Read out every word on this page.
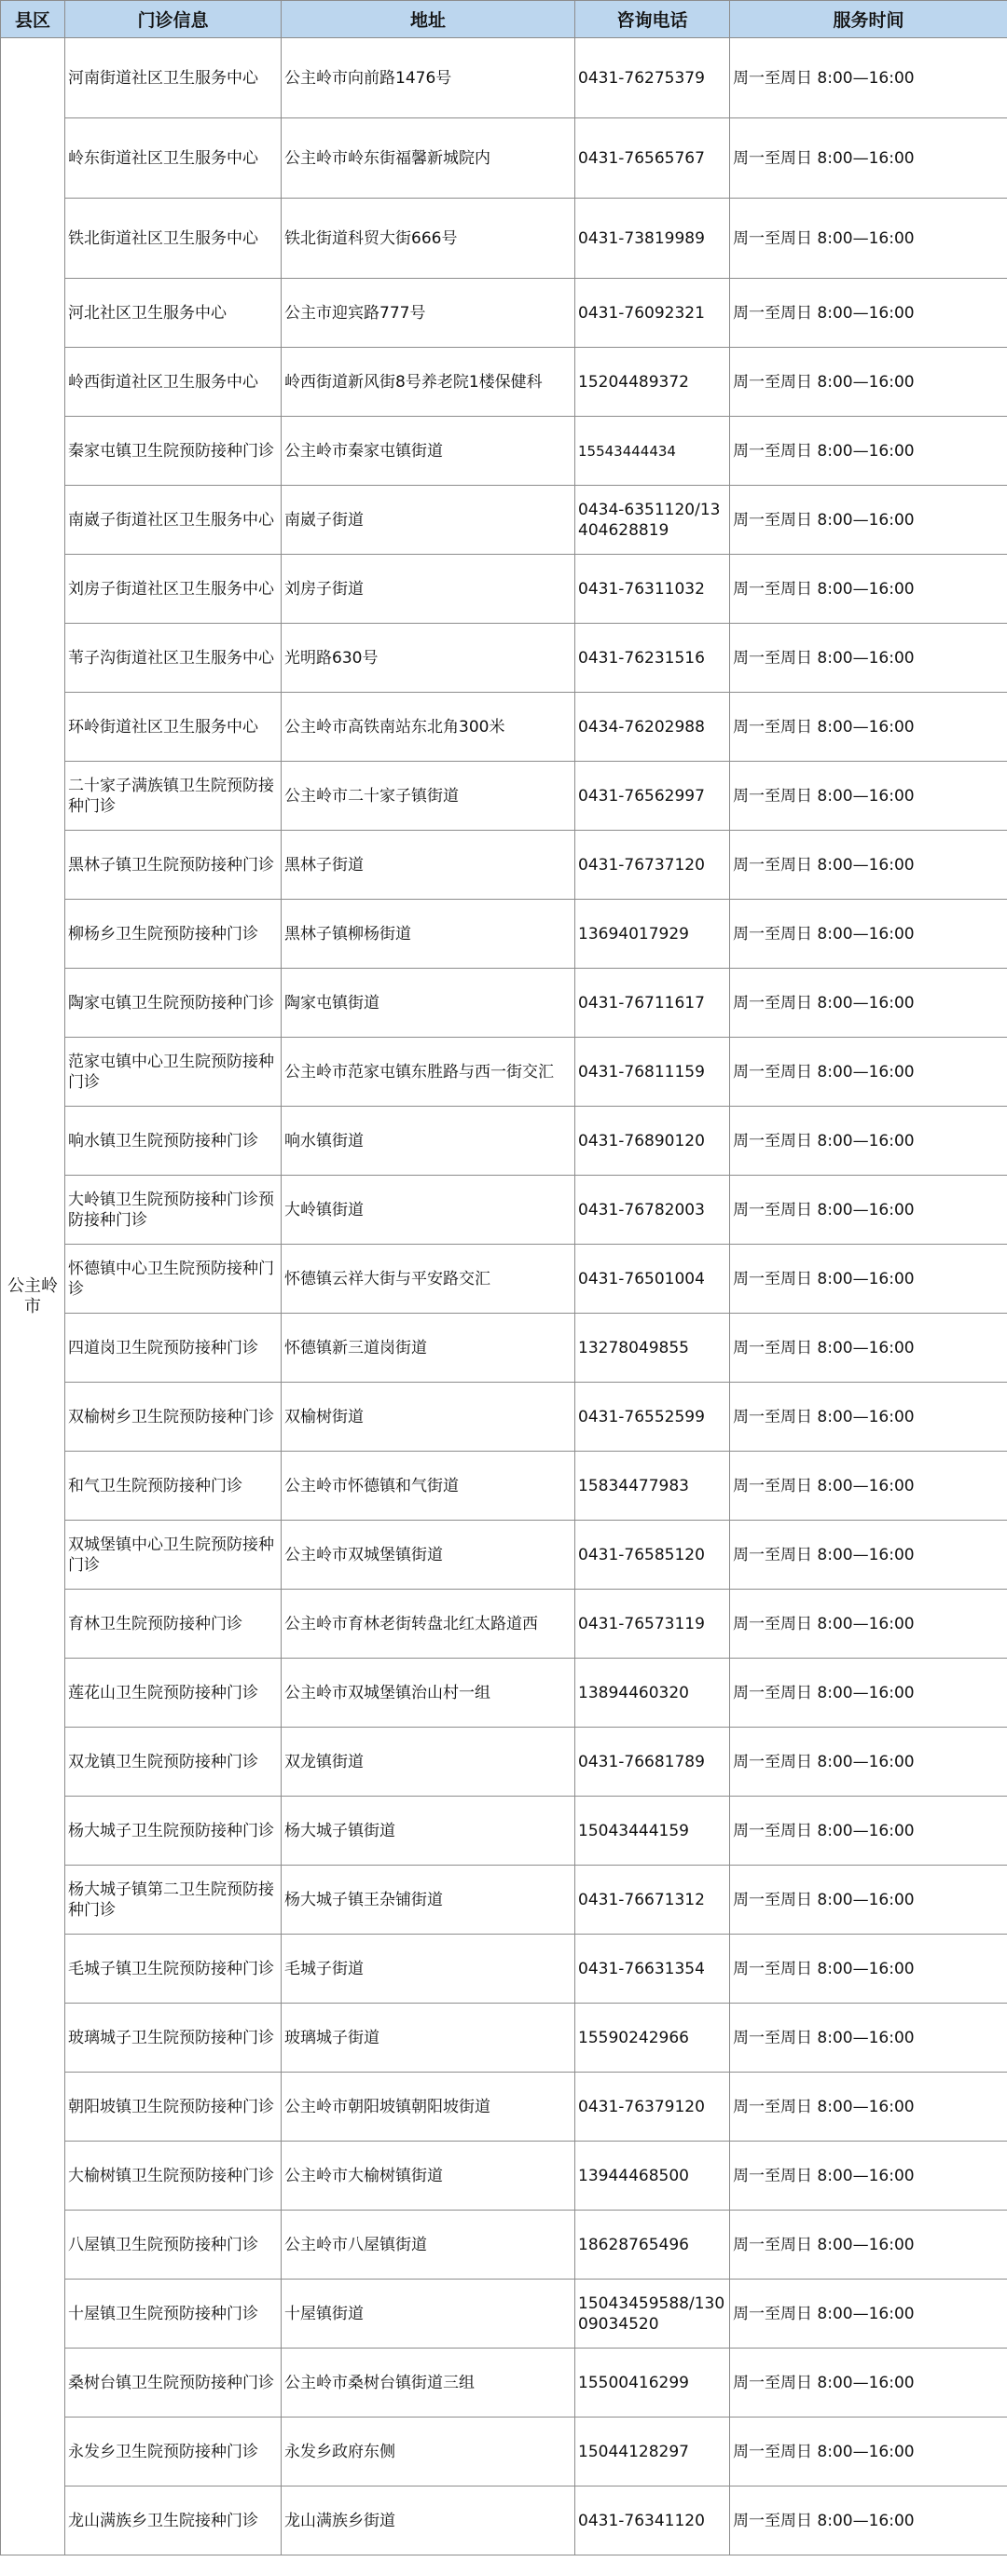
县区	门诊信息	地址	咨询电话	服务时间
公主岭市	河南街道社区卫生服务中心	公主岭市向前路1476号	0431-76275379	周一至周日 8:00—16:00
	岭东街道社区卫生服务中心	公主岭市岭东街福馨新城院内	0431-76565767	周一至周日 8:00—16:00
	铁北街道社区卫生服务中心	铁北街道科贸大街666号	0431-73819989	周一至周日 8:00—16:00
	河北社区卫生服务中心	公主市迎宾路777号	0431-76092321	周一至周日 8:00—16:00
	岭西街道社区卫生服务中心	岭西街道新风街8号养老院1楼保健科	15204489372	周一至周日 8:00—16:00
	秦家屯镇卫生院预防接种门诊	公主岭市秦家屯镇街道	15543444434	周一至周日 8:00—16:00
	南崴子街道社区卫生服务中心	南崴子街道	0434-6351120/13404628819	周一至周日 8:00—16:00
	刘房子街道社区卫生服务中心	刘房子街道	0431-76311032	周一至周日 8:00—16:00
	苇子沟街道社区卫生服务中心	光明路630号	0431-76231516	周一至周日 8:00—16:00
	环岭街道社区卫生服务中心	公主岭市高铁南站东北角300米	0434-76202988	周一至周日 8:00—16:00
	二十家子满族镇卫生院预防接种门诊	公主岭市二十家子镇街道	0431-76562997	周一至周日 8:00—16:00
	黑林子镇卫生院预防接种门诊	黑林子街道	0431-76737120	周一至周日 8:00—16:00
	柳杨乡卫生院预防接种门诊	黑林子镇柳杨街道	13694017929	周一至周日 8:00—16:00
	陶家屯镇卫生院预防接种门诊	陶家屯镇街道	0431-76711617	周一至周日 8:00—16:00
	范家屯镇中心卫生院预防接种门诊	公主岭市范家屯镇东胜路与西一街交汇	0431-76811159	周一至周日 8:00—16:00
	响水镇卫生院预防接种门诊	响水镇街道	0431-76890120	周一至周日 8:00—16:00
	大岭镇卫生院预防接种门诊预防接种门诊	大岭镇街道	0431-76782003	周一至周日 8:00—16:00
	怀德镇中心卫生院预防接种门诊	怀德镇云祥大街与平安路交汇	0431-76501004	周一至周日 8:00—16:00
	四道岗卫生院预防接种门诊	怀德镇新三道岗街道	13278049855	周一至周日 8:00—16:00
	双榆树乡卫生院预防接种门诊	双榆树街道	0431-76552599	周一至周日 8:00—16:00
	和气卫生院预防接种门诊	公主岭市怀德镇和气街道	15834477983	周一至周日 8:00—16:00
	双城堡镇中心卫生院预防接种门诊	公主岭市双城堡镇街道	0431-76585120	周一至周日 8:00—16:00
	育林卫生院预防接种门诊	公主岭市育林老街转盘北红太路道西	0431-76573119	周一至周日 8:00—16:00
	莲花山卫生院预防接种门诊	公主岭市双城堡镇治山村一组	13894460320	周一至周日 8:00—16:00
	双龙镇卫生院预防接种门诊	双龙镇街道	0431-76681789	周一至周日 8:00—16:00
	杨大城子卫生院预防接种门诊	杨大城子镇街道	15043444159	周一至周日 8:00—16:00
	杨大城子镇第二卫生院预防接种门诊	杨大城子镇王杂铺街道	0431-76671312	周一至周日 8:00—16:00
	毛城子镇卫生院预防接种门诊	毛城子街道	0431-76631354	周一至周日 8:00—16:00
	玻璃城子卫生院预防接种门诊	玻璃城子街道	15590242966	周一至周日 8:00—16:00
	朝阳坡镇卫生院预防接种门诊	公主岭市朝阳坡镇朝阳坡街道	0431-76379120	周一至周日 8:00—16:00
	大榆树镇卫生院预防接种门诊	公主岭市大榆树镇街道	13944468500	周一至周日 8:00—16:00
	八屋镇卫生院预防接种门诊	公主岭市八屋镇街道	18628765496	周一至周日 8:00—16:00
	十屋镇卫生院预防接种门诊	十屋镇街道	15043459588/13009034520	周一至周日 8:00—16:00
	桑树台镇卫生院预防接种门诊	公主岭市桑树台镇街道三组	15500416299	周一至周日 8:00—16:00
	永发乡卫生院预防接种门诊	永发乡政府东侧	15044128297	周一至周日 8:00—16:00
	龙山满族乡卫生院接种门诊	龙山满族乡街道	0431-76341120	周一至周日 8:00—16:00
